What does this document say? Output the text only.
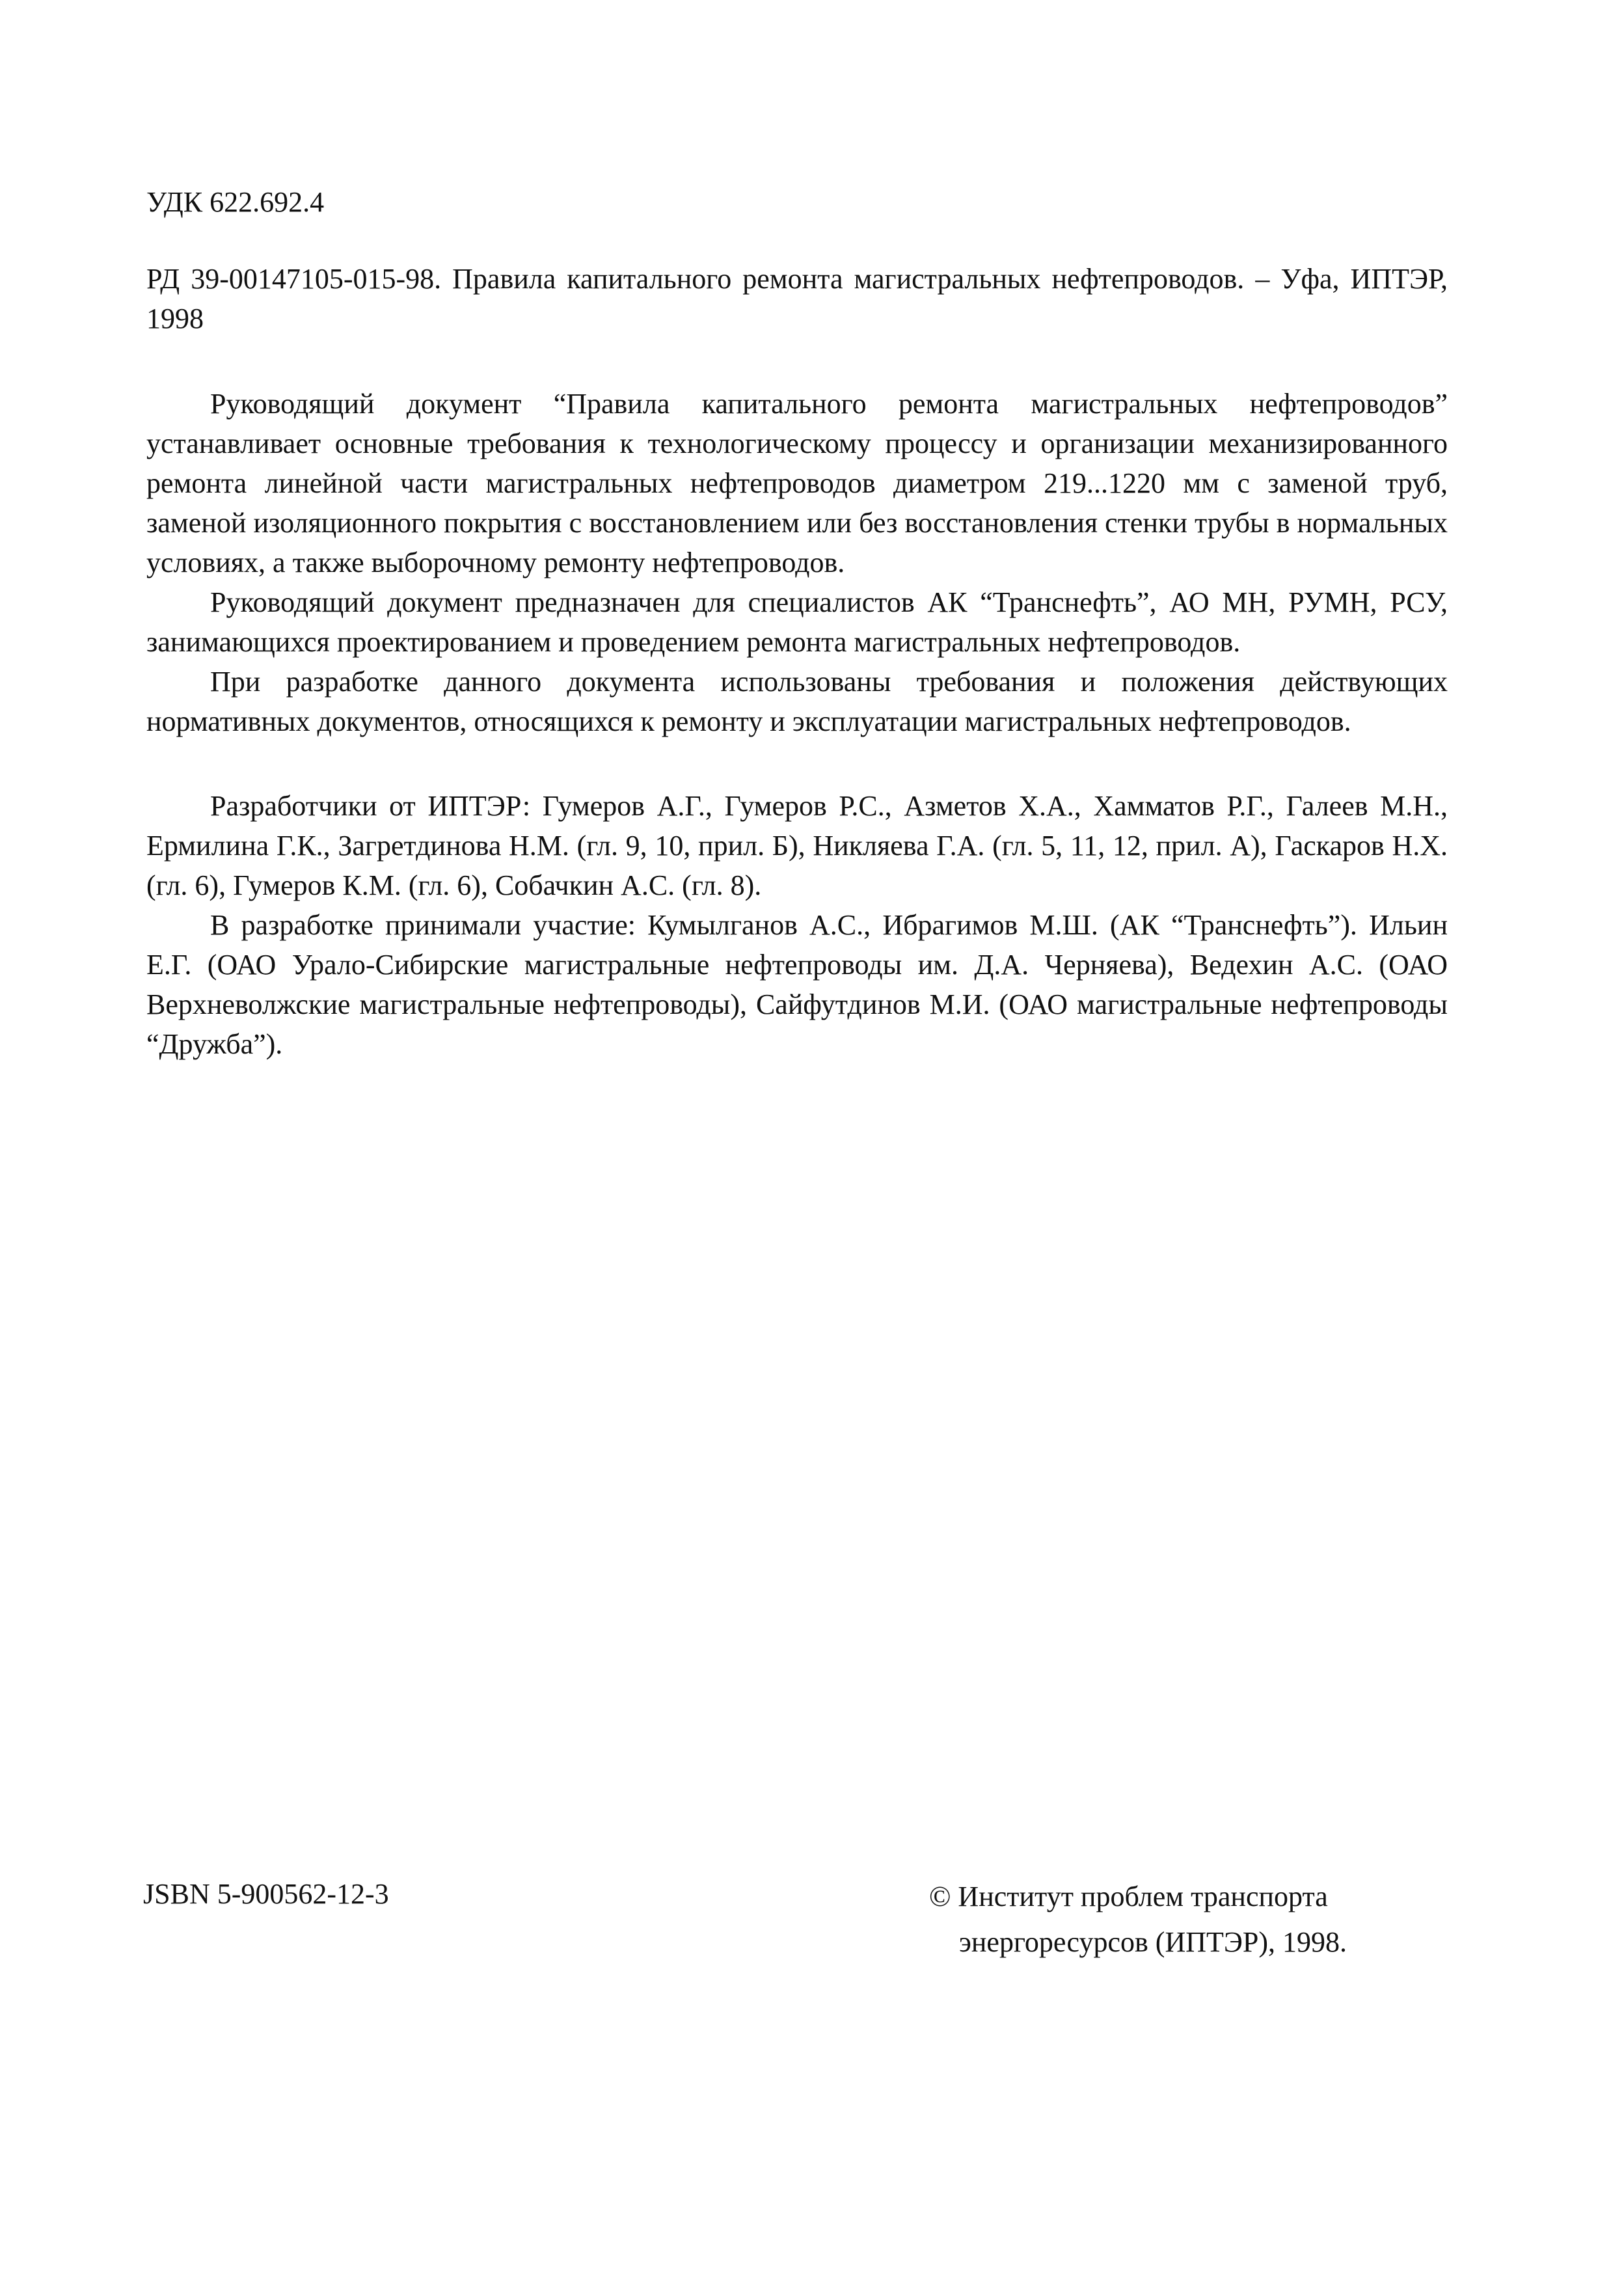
УДК 622.692.4

РД 39-00147105-015-98. Правила капитального ремонта магистральных нефтепроводов. – Уфа, ИПТЭР, 1998

Руководящий документ “Правила капитального ремонта магистральных нефтепроводов” устанавливает основные требования к технологическому процессу и организации механизированного ремонта линейной части магистральных нефтепроводов диаметром 219...1220 мм с заменой труб, заменой изоляционного покрытия с восстановлением или без восстановления стенки трубы в нормальных условиях, а также выборочному ремонту нефтепроводов.

Руководящий документ предназначен для специалистов АК “Транснефть”, АО МН, РУМН, РСУ, занимающихся проектированием и проведением ремонта магистральных нефтепроводов.

При разработке данного документа использованы требования и положения действующих нормативных документов, относящихся к ремонту и эксплуатации магистральных нефтепроводов.

Разработчики от ИПТЭР: Гумеров А.Г., Гумеров Р.С., Азметов Х.А., Хамматов Р.Г., Галеев М.Н., Ермилина Г.К., Загретдинова Н.М. (гл. 9, 10, прил. Б), Никляева Г.А. (гл. 5, 11, 12, прил. А), Гаскаров Н.Х. (гл. 6), Гумеров К.М. (гл. 6), Собачкин А.С. (гл. 8).

В разработке принимали участие: Кумылганов А.С., Ибрагимов М.Ш. (АК “Транснефть”). Ильин Е.Г. (ОАО Урало-Сибирские магистральные нефтепроводы им. Д.А. Черняева), Ведехин А.С. (ОАО Верхневолжские магистральные нефтепроводы), Сайфутдинов М.И. (ОАО магистральные нефтепроводы “Дружба”).

JSBN 5-900562-12-3	© Институт проблем транспорта
энергоресурсов (ИПТЭР), 1998.
